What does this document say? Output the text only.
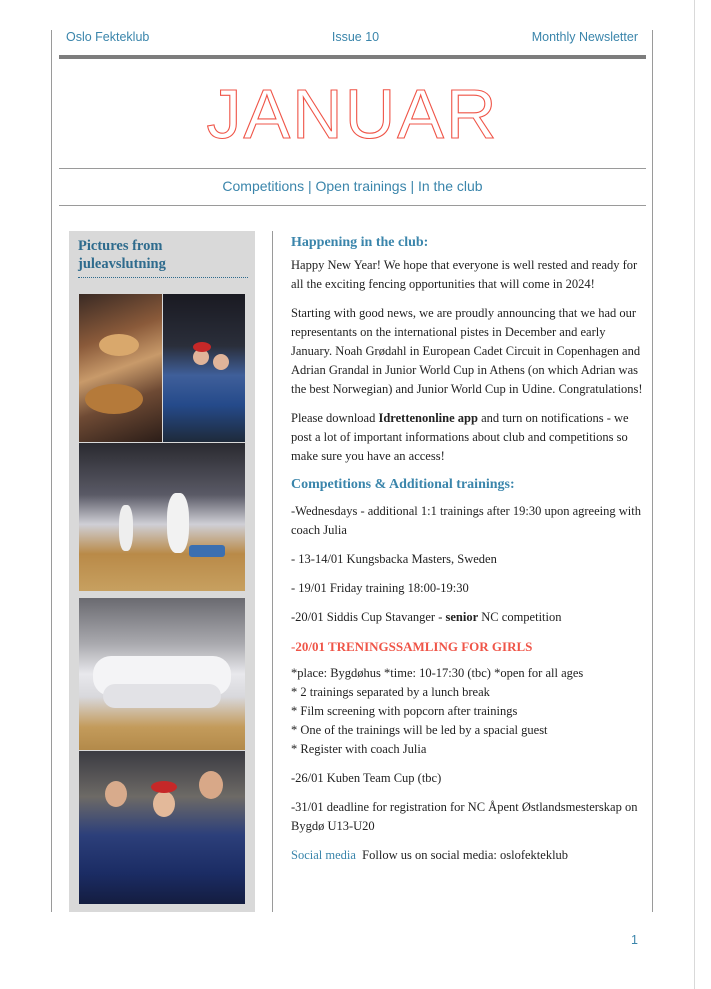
Oslo Fekteklub	Issue 10	Monthly Newsletter
JANUAR
Competitions | Open trainings | In the club
Pictures from juleavslutning
Happening in the club:

Happy New Year! We hope that everyone is well rested and ready for all the exciting fencing opportunities that will come in 2024!

Starting with good news, we are proudly announcing that we had our representants on the international pistes in December and early January. Noah Grødahl in European Cadet Circuit in Copenhagen and Adrian Grandal in Junior World Cup in Athens (on which Adrian was the best Norwegian) and Junior World Cup in Udine. Congratulations!

Please download Idrettenonline app and turn on notifications - we post a lot of important informations about club and competitions so make sure you have an access!

Competitions & Additional trainings:

-Wednesdays - additional 1:1 trainings after 19:30 upon agreeing with coach Julia

- 13-14/01 Kungsbacka Masters, Sweden

- 19/01 Friday training 18:00-19:30

-20/01 Siddis Cup Stavanger - senior NC competition

-20/01 TRENINGSSAMLING FOR GIRLS

*place: Bygdøhus *time: 10-17:30 (tbc) *open for all ages

* 2 trainings separated by a lunch break

* Film screening with popcorn after trainings

* One of the trainings will be led by a spacial guest

* Register with coach Julia

-26/01 Kuben Team Cup (tbc)

-31/01 deadline for registration for NC Åpent Østlandsmesterskap on Bygdø U13-U20

Social media Follow us on social media: oslofekteklub

1
